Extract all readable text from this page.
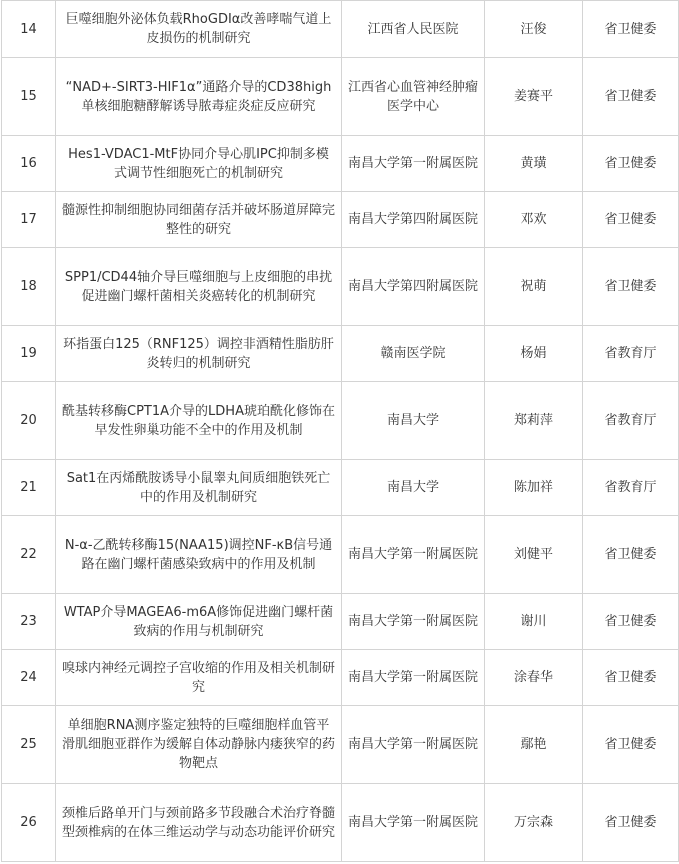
14	巨噬细胞外泌体负载RhoGDIα改善哮喘气道上皮损伤的机制研究	江西省人民医院	汪俊	省卫健委
15	“NAD+-SIRT3-HIF1α”通路介导的CD38high单核细胞糖酵解诱导脓毒症炎症反应研究	江西省心血管神经肿瘤医学中心	姜赛平	省卫健委
16	Hes1-VDAC1-MtF协同介导心肌IPC抑制多模式调节性细胞死亡的机制研究	南昌大学第一附属医院	黄璜	省卫健委
17	髓源性抑制细胞协同细菌存活并破坏肠道屏障完整性的研究	南昌大学第四附属医院	邓欢	省卫健委
18	SPP1/CD44轴介导巨噬细胞与上皮细胞的串扰促进幽门螺杆菌相关炎癌转化的机制研究	南昌大学第四附属医院	祝萌	省卫健委
19	环指蛋白125（RNF125）调控非酒精性脂肪肝炎转归的机制研究	赣南医学院	杨娟	省教育厅
20	酰基转移酶CPT1A介导的LDHA琥珀酰化修饰在早发性卵巢功能不全中的作用及机制	南昌大学	郑莉萍	省教育厅
21	Sat1在丙烯酰胺诱导小鼠睾丸间质细胞铁死亡中的作用及机制研究	南昌大学	陈加祥	省教育厅
22	N-α-乙酰转移酶15(NAA15)调控NF-κB信号通路在幽门螺杆菌感染致病中的作用及机制	南昌大学第一附属医院	刘健平	省卫健委
23	WTAP介导MAGEA6-m6A修饰促进幽门螺杆菌致病的作用与机制研究	南昌大学第一附属医院	谢川	省卫健委
24	嗅球内神经元调控子宫收缩的作用及相关机制研究	南昌大学第一附属医院	涂春华	省卫健委
25	单细胞RNA测序鉴定独特的巨噬细胞样血管平滑肌细胞亚群作为缓解自体动静脉内瘘狭窄的药物靶点	南昌大学第一附属医院	鄢艳	省卫健委
26	颈椎后路单开门与颈前路多节段融合术治疗脊髓型颈椎病的在体三维运动学与动态功能评价研究	南昌大学第一附属医院	万宗森	省卫健委
